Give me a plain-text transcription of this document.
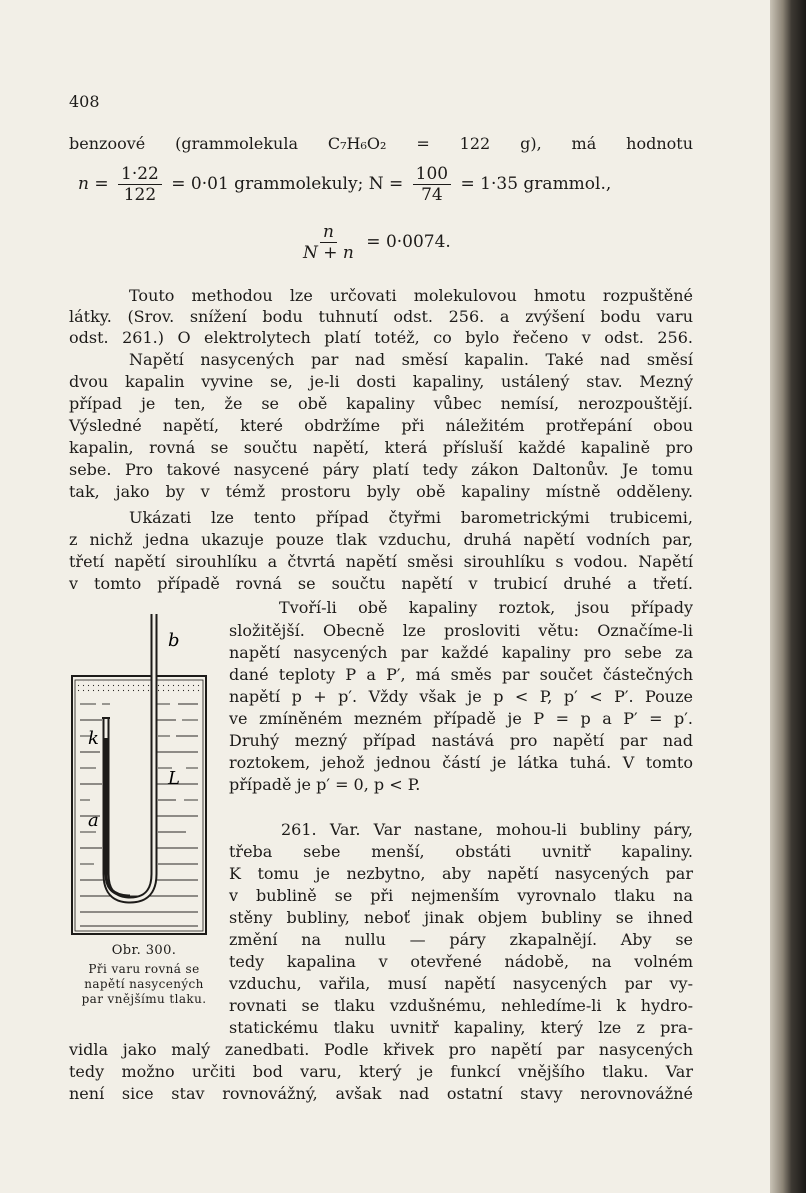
408
benzoové (grammolekula C₇H₆O₂ = 122 g), má hodnotu
$n = \frac{1\cdot 22}{122} = 0\cdot 01$ grammolekuly; $N = \frac{100}{74} = 1\cdot 35$ grammol.,
$\frac{n}{N + n} = 0\cdot 0074$.
Touto methodou lze určovati molekulovou hmotu rozpuštěné
látky. (Srov. snížení bodu tuhnutí odst. 256. a zvýšení bodu varu
odst. 261.) O elektrolytech platí totéž, co bylo řečeno v odst. 256.
Napětí nasycených par nad směsí kapalin. Také nad směsí
dvou kapalin vyvine se, je-li dosti kapaliny, ustálený stav. Mezný
případ je ten, že se obě kapaliny vůbec nemísí, nerozpouštějí.
Výsledné napětí, které obdržíme při náležitém protřepání obou
kapalin, rovná se součtu napětí, která přísluší každé kapalině pro
sebe. Pro takové nasycené páry platí tedy zákon Daltonův. Je tomu
tak, jako by v témž prostoru byly obě kapaliny místně odděleny.
Ukázati lze tento případ čtyřmi barometrickými trubicemi,
z nichž jedna ukazuje pouze tlak vzduchu, druhá napětí vodních par,
třetí napětí sirouhlíku a čtvrtá napětí směsi sirouhlíku s vodou. Napětí
v tomto případě rovná se součtu napětí v trubicí druhé a třetí.
Tvoří-li obě kapaliny roztok, jsou případy
složitější. Obecně lze prosloviti větu: Označíme-li
napětí nasycených par každé kapaliny pro sebe za
dané teploty P a P′, má směs par součet částečných
napětí p + p′. Vždy však je p < P, p′ < P′. Pouze
ve zmíněném mezném případě je P = p a P′ = p′.
Druhý mezný případ nastává pro napětí par nad
roztokem, jehož jednou částí je látka tuhá. V tomto
případě je p′ = 0, p < P.
261. Var. Var nastane, mohou-li bubliny páry,
třeba sebe menší, obstáti uvnitř kapaliny.
K tomu je nezbytno, aby napětí nasycených par
v bublině se při nejmenším vyrovnalo tlaku na
stěny bubliny, neboť jinak objem bubliny se ihned
změní na nullu — páry zkapalnějí. Aby se
tedy kapalina v otevřené nádobě, na volném
vzduchu, vařila, musí napětí nasycených par vy-
rovnati se tlaku vzdušnému, nehledíme-li k hydro-
statickému tlaku uvnitř kapaliny, který lze z pra-
vidla jako malý zanedbati. Podle křivek pro napětí par nasycených
tedy možno určiti bod varu, který je funkcí vnějšího tlaku. Var
není sice stav rovnovážný, avšak nad ostatní stavy nerovnovážné
b
k
L
a
Obr. 300.
Při varu rovná se
napětí nasycených
par vnějšímu tlaku.
